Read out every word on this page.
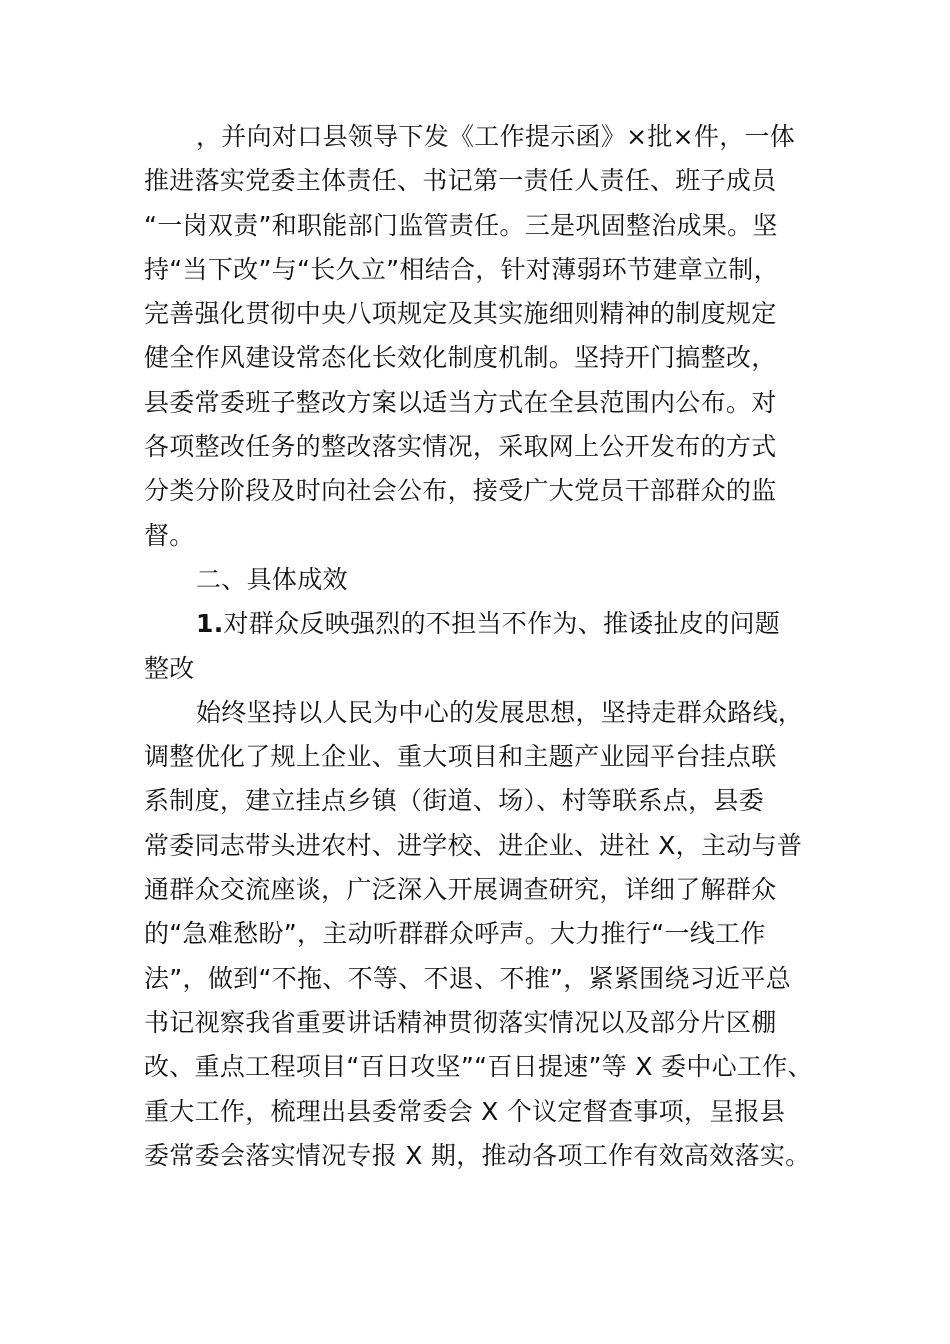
，并向对口县领导下发《工作提示函》×批×件，一体
推进落实党委主体责任、书记第一责任人责任、班子成员
“一岗双责”和职能部门监管责任。三是巩固整治成果。坚
持“当下改”与“长久立”相结合，针对薄弱环节建章立制，
完善强化贯彻中央八项规定及其实施细则精神的制度规定
健全作风建设常态化长效化制度机制。坚持开门搞整改，
县委常委班子整改方案以适当方式在全县范围内公布。对
各项整改任务的整改落实情况，采取网上公开发布的方式
分类分阶段及时向社会公布，接受广大党员干部群众的监
督。
二、具体成效
1.对群众反映强烈的不担当不作为、推诿扯皮的问题
整改
始终坚持以人民为中心的发展思想，坚持走群众路线，
调整优化了规上企业、重大项目和主题产业园平台挂点联
系制度，建立挂点乡镇（街道、场）、村等联系点，县委
常委同志带头进农村、进学校、进企业、进社 X，主动与普
通群众交流座谈，广泛深入开展调查研究，详细了解群众
的“急难愁盼”，主动听群群众呼声。大力推行“一线工作
法”，做到“不拖、不等、不退、不推”，紧紧围绕习近平总
书记视察我省重要讲话精神贯彻落实情况以及部分片区棚
改、重点工程项目“百日攻坚”“百日提速”等 X 委中心工作、
重大工作，梳理出县委常委会 X 个议定督查事项，呈报县
委常委会落实情况专报 X 期，推动各项工作有效高效落实。
